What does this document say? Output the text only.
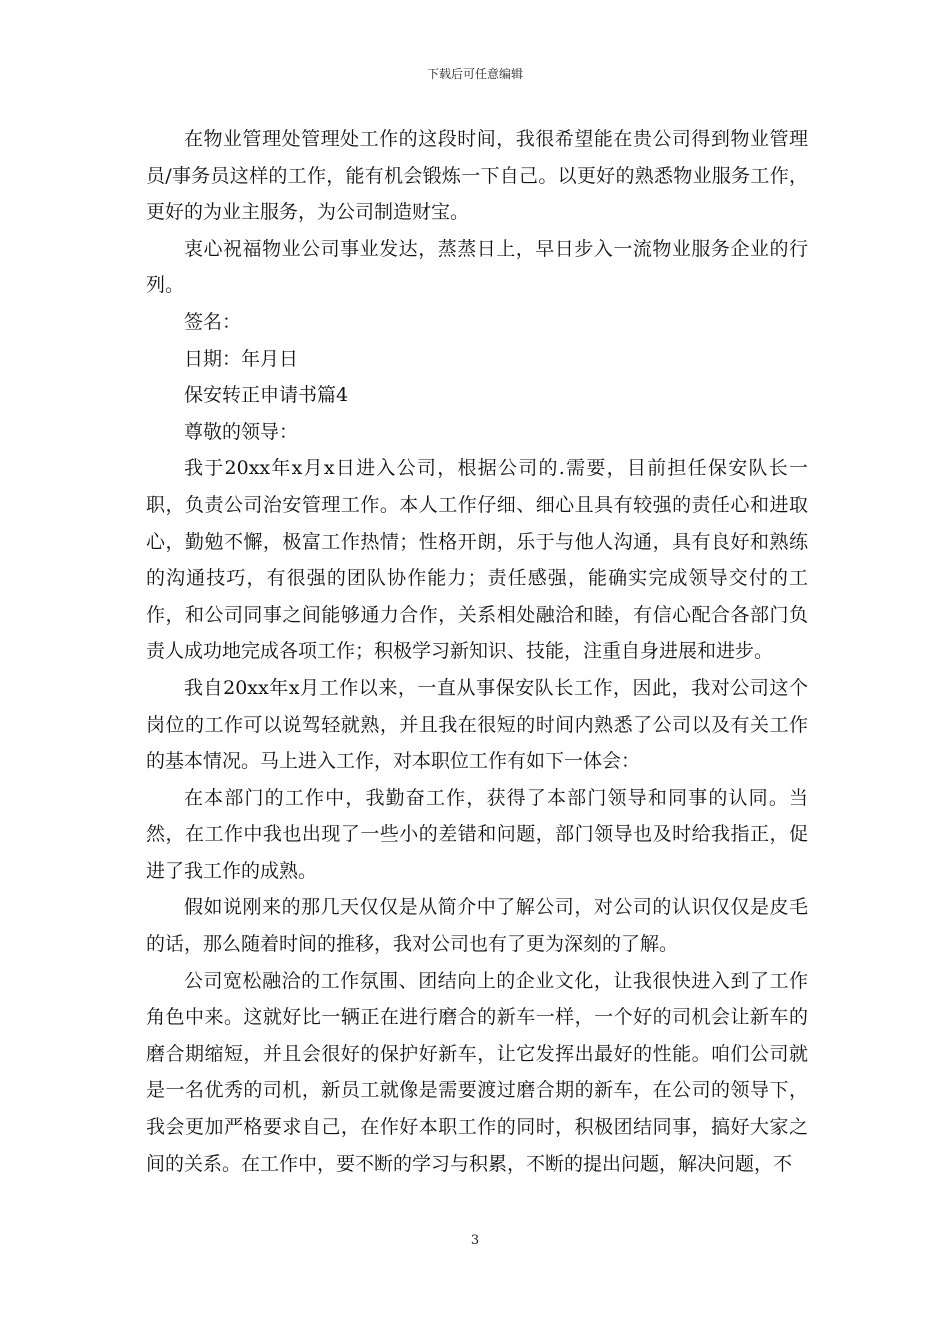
下载后可任意编辑

在物业管理处管理处工作的这段时间，我很希望能在贵公司得到物业管理员/事务员这样的工作，能有机会锻炼一下自己。以更好的熟悉物业服务工作，更好的为业主服务，为公司制造财宝。

衷心祝福物业公司事业发达，蒸蒸日上，早日步入一流物业服务企业的行列。

签名：

日期：年月日

保安转正申请书篇4

尊敬的领导：

我于20xx年x月x日进入公司，根据公司的.需要，目前担任保安队长一职，负责公司治安管理工作。本人工作仔细、细心且具有较强的责任心和进取心，勤勉不懈，极富工作热情；性格开朗，乐于与他人沟通，具有良好和熟练的沟通技巧，有很强的团队协作能力；责任感强，能确实完成领导交付的工作，和公司同事之间能够通力合作，关系相处融洽和睦，有信心配合各部门负责人成功地完成各项工作；积极学习新知识、技能，注重自身进展和进步。

我自20xx年x月工作以来，一直从事保安队长工作，因此，我对公司这个岗位的工作可以说驾轻就熟，并且我在很短的时间内熟悉了公司以及有关工作的基本情况。马上进入工作，对本职位工作有如下一体会：

在本部门的工作中，我勤奋工作，获得了本部门领导和同事的认同。当然，在工作中我也出现了一些小的差错和问题，部门领导也及时给我指正，促进了我工作的成熟。

假如说刚来的那几天仅仅是从简介中了解公司，对公司的认识仅仅是皮毛的话，那么随着时间的推移，我对公司也有了更为深刻的了解。

公司宽松融洽的工作氛围、团结向上的企业文化，让我很快进入到了工作角色中来。这就好比一辆正在进行磨合的新车一样，一个好的司机会让新车的磨合期缩短，并且会很好的保护好新车，让它发挥出最好的性能。咱们公司就是一名优秀的司机，新员工就像是需要渡过磨合期的新车，在公司的领导下，我会更加严格要求自己，在作好本职工作的同时，积极团结同事，搞好大家之间的关系。在工作中，要不断的学习与积累，不断的提出问题，解决问题，不

3
